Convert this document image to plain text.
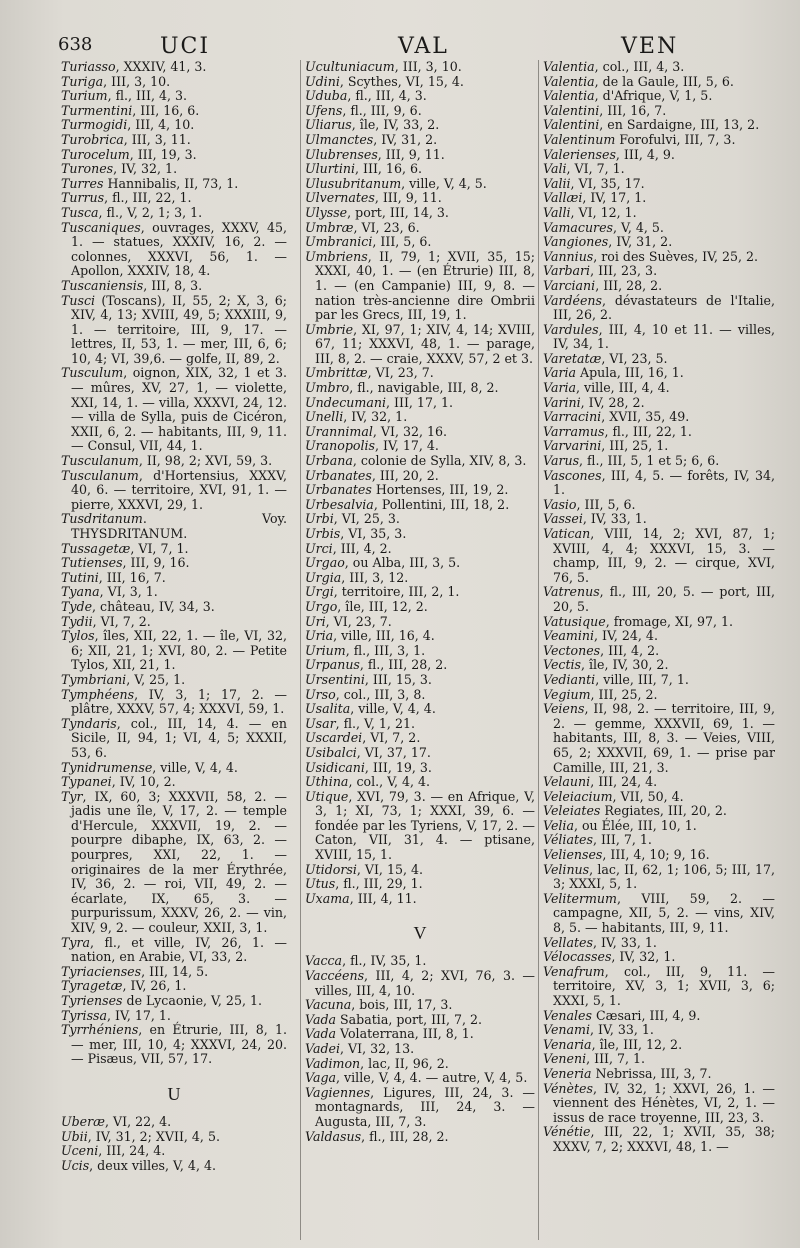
638	UCI	VAL	VEN

Turiasso, XXXIV, 41, 3.

Turiga, III, 3, 10.

Turium, fl., III, 4, 3.

Turmentini, III, 16, 6.

Turmogidi, III, 4, 10.

Turobrica, III, 3, 11.

Turocelum, III, 19, 3.

Turones, IV, 32, 1.

Turres Hannibalis, II, 73, 1.

Turrus, fl., III, 22, 1.

Tusca, fl., V, 2, 1; 3, 1.

Tuscaniques, ouvrages, XXXV, 45, 1. — statues, XXXIV, 16, 2. — colonnes, XXXVI, 56, 1. — Apollon, XXXIV, 18, 4.

Tuscaniensis, III, 8, 3.

Tusci (Toscans), II, 55, 2; X, 3, 6; XIV, 4, 13; XVIII, 49, 5; XXXIII, 9, 1. — territoire, III, 9, 17. — lettres, II, 53, 1. — mer, III, 6, 6; 10, 4; VI, 39,6. — golfe, II, 89, 2.

Tusculum, oignon, XIX, 32, 1 et 3. — mûres, XV, 27, 1, — violette, XXI, 14, 1. — villa, XXXVI, 24, 12. — villa de Sylla, puis de Cicéron, XXII, 6, 2. — habitants, III, 9, 11. — Consul, VII, 44, 1.

Tusculanum, II, 98, 2; XVI, 59, 3.

Tusculanum, d'Hortensius, XXXV, 40, 6. — territoire, XVI, 91, 1. — pierre, XXXVI, 29, 1.

Tusdritanum. Voy. THYSDRITANUM.

Tussagetæ, VI, 7, 1.

Tutienses, III, 9, 16.

Tutini, III, 16, 7.

Tyana, VI, 3, 1.

Tyde, château, IV, 34, 3.

Tydii, VI, 7, 2.

Tylos, îles, XII, 22, 1. — île, VI, 32, 6; XII, 21, 1; XVI, 80, 2. — Petite Tylos, XII, 21, 1.

Tymbriani, V, 25, 1.

Tymphéens, IV, 3, 1; 17, 2. — plâtre, XXXV, 57, 4; XXXVI, 59, 1.

Tyndaris, col., III, 14, 4. — en Sicile, II, 94, 1; VI, 4, 5; XXXII, 53, 6.

Tynidrumense, ville, V, 4, 4.

Typanei, IV, 10, 2.

Tyr, IX, 60, 3; XXXVII, 58, 2. — jadis une île, V, 17, 2. — temple d'Hercule, XXXVII, 19, 2. — pourpre dibaphe, IX, 63, 2. — pourpres, XXI, 22, 1. — originaires de la mer Érythrée, IV, 36, 2. — roi, VII, 49, 2. — écarlate, IX, 65, 3. — purpurissum, XXXV, 26, 2. — vin, XIV, 9, 2. — couleur, XXII, 3, 1.

Tyra, fl., et ville, IV, 26, 1. — nation, en Arabie, VI, 33, 2.

Tyriacienses, III, 14, 5.

Tyragetæ, IV, 26, 1.

Tyrienses de Lycaonie, V, 25, 1.

Tyrissa, IV, 17, 1.

Tyrrhéniens, en Étrurie, III, 8, 1. — mer, III, 10, 4; XXXVI, 24, 20. — Pisæus, VII, 57, 17.

U

Uberæ, VI, 22, 4.

Ubii, IV, 31, 2; XVII, 4, 5.

Uceni, III, 24, 4.

Ucis, deux villes, V, 4, 4.

Ucultuniacum, III, 3, 10.

Udini, Scythes, VI, 15, 4.

Uduba, fl., III, 4, 3.

Ufens, fl., III, 9, 6.

Uliarus, île, IV, 33, 2.

Ulmanctes, IV, 31, 2.

Ulubrenses, III, 9, 11.

Ulurtini, III, 16, 6.

Ulusubritanum, ville, V, 4, 5.

Ulvernates, III, 9, 11.

Ulysse, port, III, 14, 3.

Umbræ, VI, 23, 6.

Umbranici, III, 5, 6.

Umbriens, II, 79, 1; XVII, 35, 15; XXXI, 40, 1. — (en Étrurie) III, 8, 1. — (en Campanie) III, 9, 8. — nation très-ancienne dire Ombrii par les Grecs, III, 19, 1.

Umbrie, XI, 97, 1; XIV, 4, 14; XVIII, 67, 11; XXXVI, 48, 1. — parage, III, 8, 2. — craie, XXXV, 57, 2 et 3.

Umbrittæ, VI, 23, 7.

Umbro, fl., navigable, III, 8, 2.

Undecumani, III, 17, 1.

Unelli, IV, 32, 1.

Urannimal, VI, 32, 16.

Uranopolis, IV, 17, 4.

Urbana, colonie de Sylla, XIV, 8, 3.

Urbanates, III, 20, 2.

Urbanates Hortenses, III, 19, 2.

Urbesalvia, Pollentini, III, 18, 2.

Urbi, VI, 25, 3.

Urbis, VI, 35, 3.

Urci, III, 4, 2.

Urgao, ou Alba, III, 3, 5.

Urgia, III, 3, 12.

Urgi, territoire, III, 2, 1.

Urgo, île, III, 12, 2.

Uri, VI, 23, 7.

Uria, ville, III, 16, 4.

Urium, fl., III, 3, 1.

Urpanus, fl., III, 28, 2.

Ursentini, III, 15, 3.

Urso, col., III, 3, 8.

Usalita, ville, V, 4, 4.

Usar, fl., V, 1, 21.

Uscardei, VI, 7, 2.

Usibalci, VI, 37, 17.

Usidicani, III, 19, 3.

Uthina, col., V, 4, 4.

Utique, XVI, 79, 3. — en Afrique, V, 3, 1; XI, 73, 1; XXXI, 39, 6. — fondée par les Tyriens, V, 17, 2. — Caton, VII, 31, 4. — ptisane, XVIII, 15, 1.

Utidorsi, VI, 15, 4.

Utus, fl., III, 29, 1.

Uxama, III, 4, 11.

V

Vacca, fl., IV, 35, 1.

Vaccéens, III, 4, 2; XVI, 76, 3. — villes, III, 4, 10.

Vacuna, bois, III, 17, 3.

Vada Sabatia, port, III, 7, 2.

Vada Volaterrana, III, 8, 1.

Vadei, VI, 32, 13.

Vadimon, lac, II, 96, 2.

Vaga, ville, V, 4, 4. — autre, V, 4, 5.

Vagiennes, Ligures, III, 24, 3. — montagnards, III, 24, 3. — Augusta, III, 7, 3.

Valdasus, fl., III, 28, 2.

Valentia, col., III, 4, 3.

Valentia, de la Gaule, III, 5, 6.

Valentia, d'Afrique, V, 1, 5.

Valentini, III, 16, 7.

Valentini, en Sardaigne, III, 13, 2.

Valentinum Forofulvi, III, 7, 3.

Valerienses, III, 4, 9.

Vali, VI, 7, 1.

Valii, VI, 35, 17.

Vallæi, IV, 17, 1.

Valli, VI, 12, 1.

Vamacures, V, 4, 5.

Vangiones, IV, 31, 2.

Vannius, roi des Suèves, IV, 25, 2.

Varbari, III, 23, 3.

Varciani, III, 28, 2.

Vardéens, dévastateurs de l'Italie, III, 26, 2.

Vardules, III, 4, 10 et 11. — villes, IV, 34, 1.

Varetatæ, VI, 23, 5.

Varia Apula, III, 16, 1.

Varia, ville, III, 4, 4.

Varini, IV, 28, 2.

Varracini, XVII, 35, 49.

Varramus, fl., III, 22, 1.

Varvarini, III, 25, 1.

Varus, fl., III, 5, 1 et 5; 6, 6.

Vascones, III, 4, 5. — forêts, IV, 34, 1.

Vasio, III, 5, 6.

Vassei, IV, 33, 1.

Vatican, VIII, 14, 2; XVI, 87, 1; XVIII, 4, 4; XXXVI, 15, 3. — champ, III, 9, 2. — cirque, XVI, 76, 5.

Vatrenus, fl., III, 20, 5. — port, III, 20, 5.

Vatusique, fromage, XI, 97, 1.

Veamini, IV, 24, 4.

Vectones, III, 4, 2.

Vectis, île, IV, 30, 2.

Vedianti, ville, III, 7, 1.

Vegium, III, 25, 2.

Veiens, II, 98, 2. — territoire, III, 9, 2. — gemme, XXXVII, 69, 1. — habitants, III, 8, 3. — Veies, VIII, 65, 2; XXXVII, 69, 1. — prise par Camille, III, 21, 3.

Velauni, III, 24, 4.

Veleiacium, VII, 50, 4.

Veleiates Regiates, III, 20, 2.

Velia, ou Élée, III, 10, 1.

Véliates, III, 7, 1.

Velienses, III, 4, 10; 9, 16.

Velinus, lac, II, 62, 1; 106, 5; III, 17, 3; XXXI, 5, 1.

Velitermum, VIII, 59, 2. — campagne, XII, 5, 2. — vins, XIV, 8, 5. — habitants, III, 9, 11.

Vellates, IV, 33, 1.

Vélocasses, IV, 32, 1.

Venafrum, col., III, 9, 11. — territoire, XV, 3, 1; XVII, 3, 6; XXXI, 5, 1.

Venales Cæsari, III, 4, 9.

Venami, IV, 33, 1.

Venaria, île, III, 12, 2.

Veneni, III, 7, 1.

Veneria Nebrissa, III, 3, 7.

Vénètes, IV, 32, 1; XXVI, 26, 1. — viennent des Hénètes, VI, 2, 1. — issus de race troyenne, III, 23, 3.

Vénétie, III, 22, 1; XVII, 35, 38; XXXV, 7, 2; XXXVI, 48, 1. —
